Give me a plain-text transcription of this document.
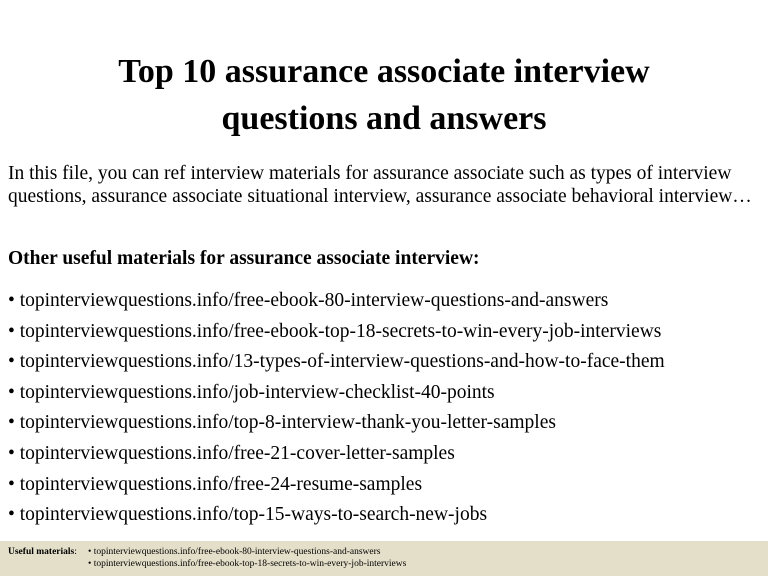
Top 10 assurance associate interview
questions and answers

In this file, you can ref interview materials for assurance associate such as types of interview questions, assurance associate situational interview, assurance associate behavioral interview…

Other useful materials for assurance associate interview:

• topinterviewquestions.info/free-ebook-80-interview-questions-and-answers
• topinterviewquestions.info/free-ebook-top-18-secrets-to-win-every-job-interviews
• topinterviewquestions.info/13-types-of-interview-questions-and-how-to-face-them
• topinterviewquestions.info/job-interview-checklist-40-points
• topinterviewquestions.info/top-8-interview-thank-you-letter-samples
• topinterviewquestions.info/free-21-cover-letter-samples
• topinterviewquestions.info/free-24-resume-samples
• topinterviewquestions.info/top-15-ways-to-search-new-jobs
Useful materials: • topinterviewquestions.info/free-ebook-80-interview-questions-and-answers
• topinterviewquestions.info/free-ebook-top-18-secrets-to-win-every-job-interviews
